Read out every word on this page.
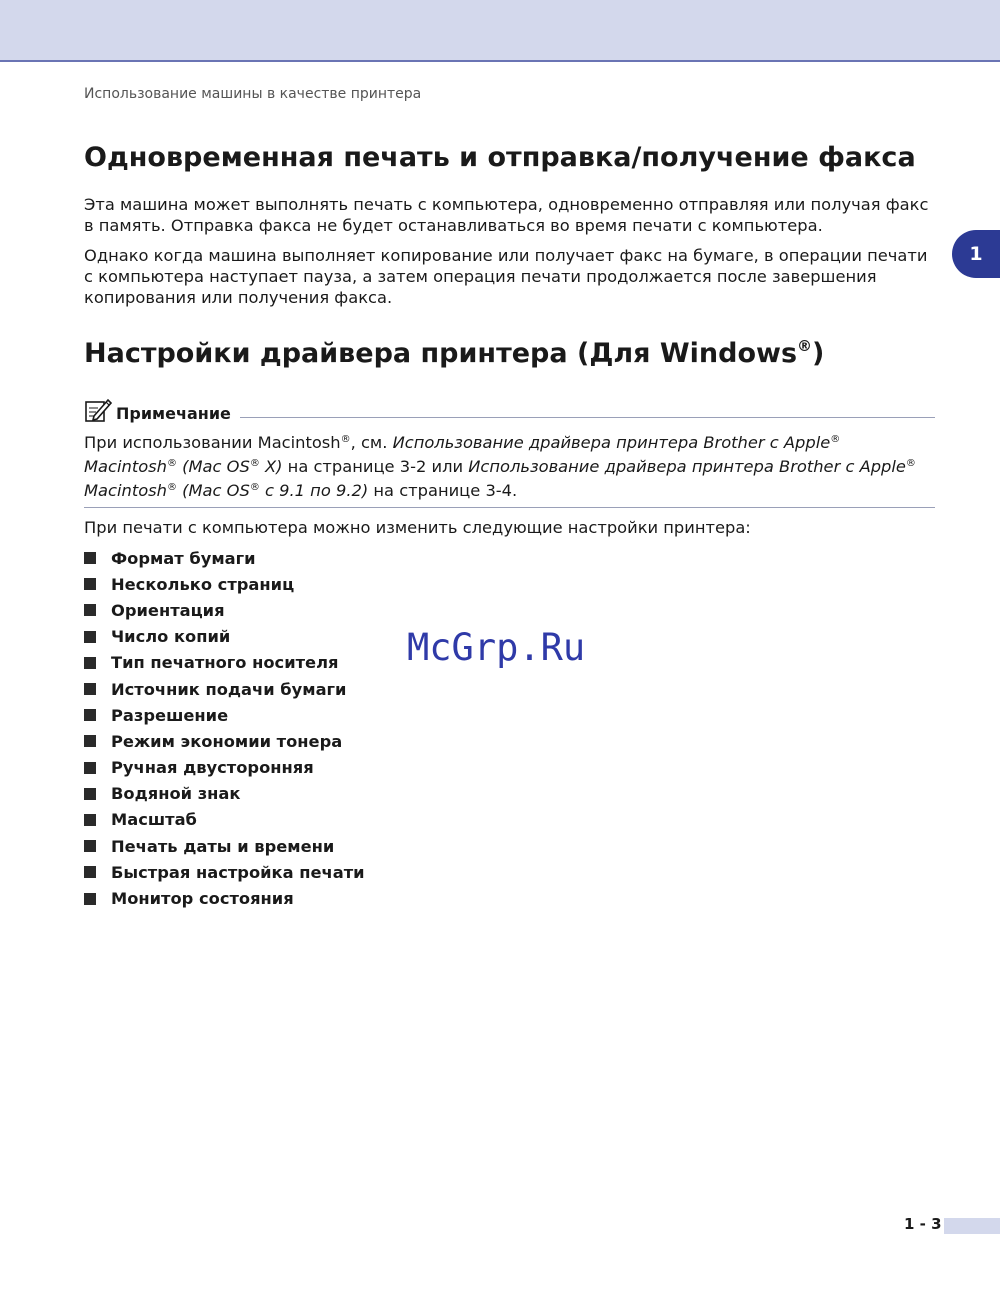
Использование машины в качестве принтера
1
Одновременная печать и отправка/получение факса

Эта машина может выполнять печать с компьютера, одновременно отправляя или получая факс в память. Отправка факса не будет останавливаться во время печати с компьютера.

Однако когда машина выполняет копирование или получает факс на бумаге, в операции печати с компьютера наступает пауза, а затем операция печати продолжается после завершения копирования или получения факса.

Настройки драйвера принтера (Для Windows®)
Примечание

При использовании Macintosh®, см. Использование драйвера принтера Brother с Apple®
Macintosh® (Mac OS® X) на странице 3-2 или Использование драйвера принтера Brother с Apple®
Macintosh® (Mac OS® с 9.1 по 9.2) на странице 3-4.

При печати с компьютера можно изменить следующие настройки принтера:

Формат бумаги
Несколько страниц
Ориентация
Число копий
Тип печатного носителя
Источник подачи бумаги
Разрешение
Режим экономии тонера
Ручная двусторонняя
Водяной знак
Масштаб
Печать даты и времени
Быстрая настройка печати
Монитор состояния
McGrp.Ru
1 - 3
